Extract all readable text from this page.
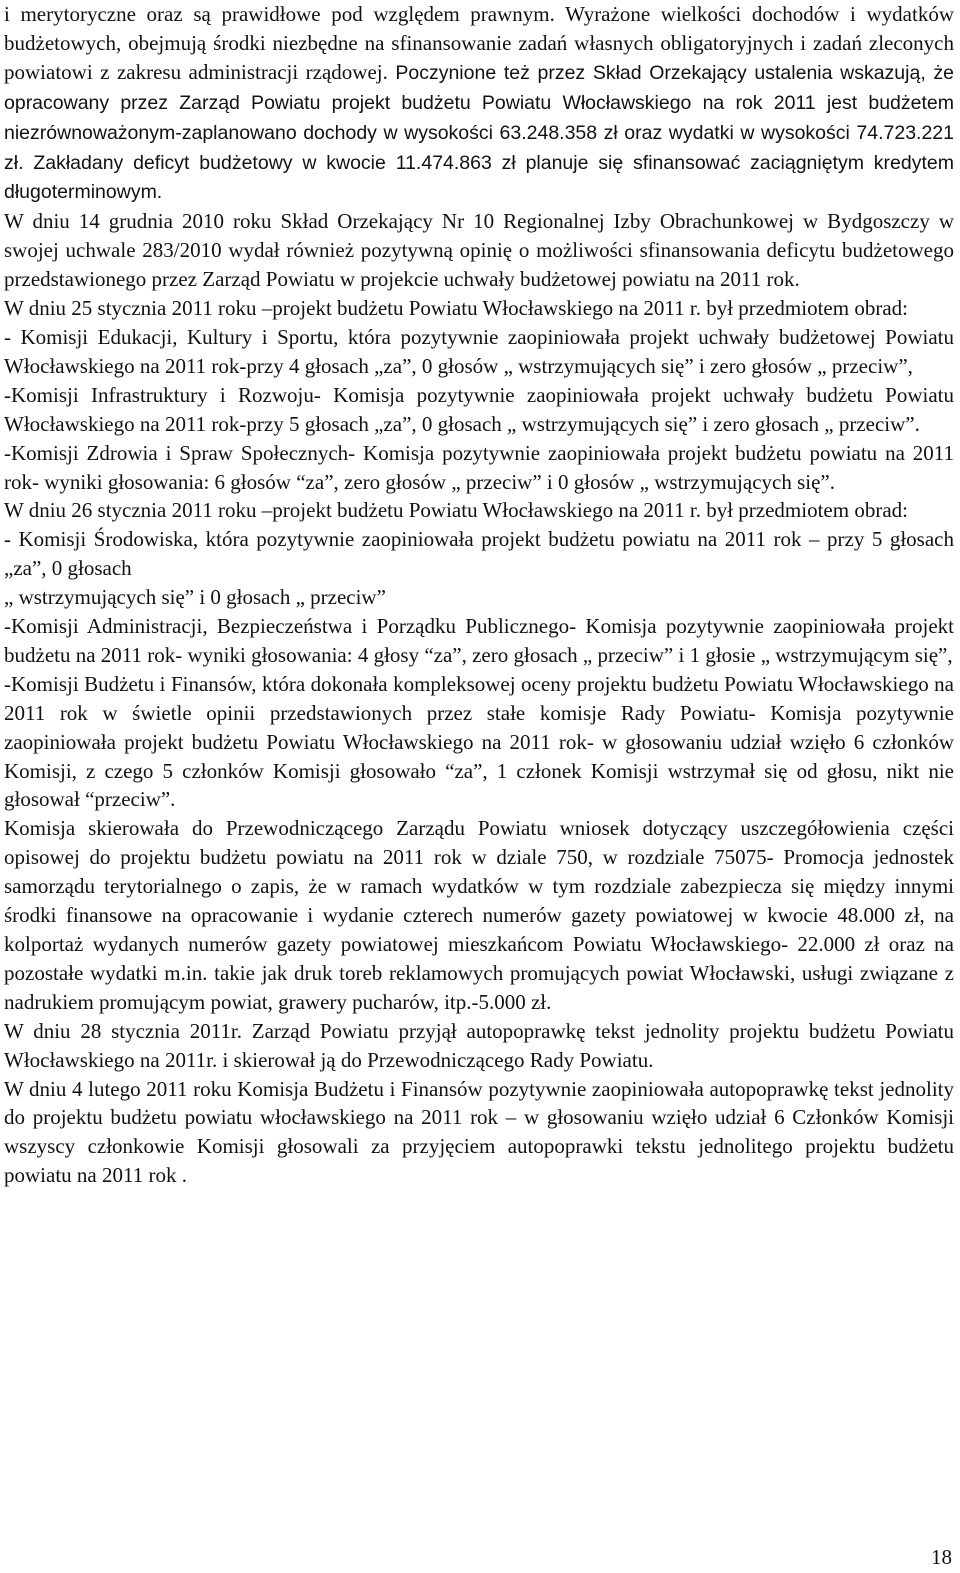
i merytoryczne oraz są prawidłowe pod względem prawnym. Wyrażone wielkości dochodów i wydatków budżetowych, obejmują środki niezbędne na sfinansowanie zadań własnych obligatoryjnych i zadań zleconych powiatowi z zakresu administracji rządowej. Poczynione też przez Skład Orzekający ustalenia wskazują, że opracowany przez Zarząd Powiatu projekt budżetu Powiatu Włocławskiego na rok 2011 jest budżetem niezrównoważonym-zaplanowano dochody w wysokości 63.248.358 zł oraz wydatki w wysokości 74.723.221 zł. Zakładany deficyt budżetowy w kwocie 11.474.863 zł planuje się sfinansować zaciągniętym kredytem długoterminowym.

W dniu 14 grudnia 2010 roku Skład Orzekający Nr 10 Regionalnej Izby Obrachunkowej w Bydgoszczy w swojej uchwale 283/2010 wydał również pozytywną opinię o możliwości sfinansowania deficytu budżetowego przedstawionego przez Zarząd Powiatu w projekcie uchwały budżetowej powiatu na 2011 rok.

W dniu 25 stycznia 2011 roku –projekt budżetu Powiatu Włocławskiego na 2011 r. był przedmiotem obrad:

- Komisji Edukacji, Kultury i Sportu, która pozytywnie zaopiniowała projekt uchwały budżetowej Powiatu Włocławskiego na 2011 rok-przy 4 głosach „za”, 0 głosów „ wstrzymujących się” i zero głosów „ przeciw”,

-Komisji Infrastruktury i Rozwoju- Komisja pozytywnie zaopiniowała projekt uchwały budżetu Powiatu Włocławskiego na 2011 rok-przy 5 głosach „za”, 0 głosach „ wstrzymujących się” i zero głosach „ przeciw”.

-Komisji Zdrowia i Spraw Społecznych- Komisja pozytywnie zaopiniowała projekt budżetu powiatu na 2011 rok- wyniki głosowania: 6 głosów “za”, zero głosów „ przeciw” i 0 głosów „ wstrzymujących się”.

W dniu 26 stycznia 2011 roku –projekt budżetu Powiatu Włocławskiego na 2011 r. był przedmiotem obrad:

- Komisji Środowiska, która pozytywnie zaopiniowała projekt budżetu powiatu na 2011 rok – przy 5 głosach „za”, 0 głosach

„ wstrzymujących się” i 0 głosach „ przeciw”

-Komisji Administracji, Bezpieczeństwa i Porządku Publicznego- Komisja pozytywnie zaopiniowała projekt budżetu na 2011 rok- wyniki głosowania: 4 głosy “za”, zero głosach „ przeciw” i 1 głosie „ wstrzymującym się”,

-Komisji Budżetu i Finansów, która dokonała kompleksowej oceny projektu budżetu Powiatu Włocławskiego na 2011 rok w świetle opinii przedstawionych przez stałe komisje Rady Powiatu- Komisja pozytywnie zaopiniowała projekt budżetu Powiatu Włocławskiego na 2011 rok- w głosowaniu udział wzięło 6 członków Komisji, z czego 5 członków Komisji głosowało “za”, 1 członek Komisji wstrzymał się od głosu, nikt nie głosował “przeciw”.

Komisja skierowała do Przewodniczącego Zarządu Powiatu wniosek dotyczący uszczegółowienia części opisowej do projektu budżetu powiatu na 2011 rok w dziale 750, w rozdziale 75075- Promocja jednostek samorządu terytorialnego o zapis, że w ramach wydatków w tym rozdziale zabezpiecza się między innymi środki finansowe na opracowanie i wydanie czterech numerów gazety powiatowej w kwocie 48.000 zł, na kolportaż wydanych numerów gazety powiatowej mieszkańcom Powiatu Włocławskiego- 22.000 zł oraz na pozostałe wydatki m.in. takie jak druk toreb reklamowych promujących powiat Włocławski, usługi związane z nadrukiem promującym powiat, grawery pucharów, itp.-5.000 zł.

W dniu 28 stycznia 2011r. Zarząd Powiatu przyjął autopoprawkę tekst jednolity projektu budżetu Powiatu Włocławskiego na 2011r. i skierował ją do Przewodniczącego Rady Powiatu.

W dniu 4 lutego 2011 roku Komisja Budżetu i Finansów pozytywnie zaopiniowała autopoprawkę tekst jednolity do projektu budżetu powiatu włocławskiego na 2011 rok – w głosowaniu wzięło udział 6 Członków Komisji wszyscy członkowie Komisji głosowali za przyjęciem autopoprawki tekstu jednolitego projektu budżetu powiatu na 2011 rok .

18
